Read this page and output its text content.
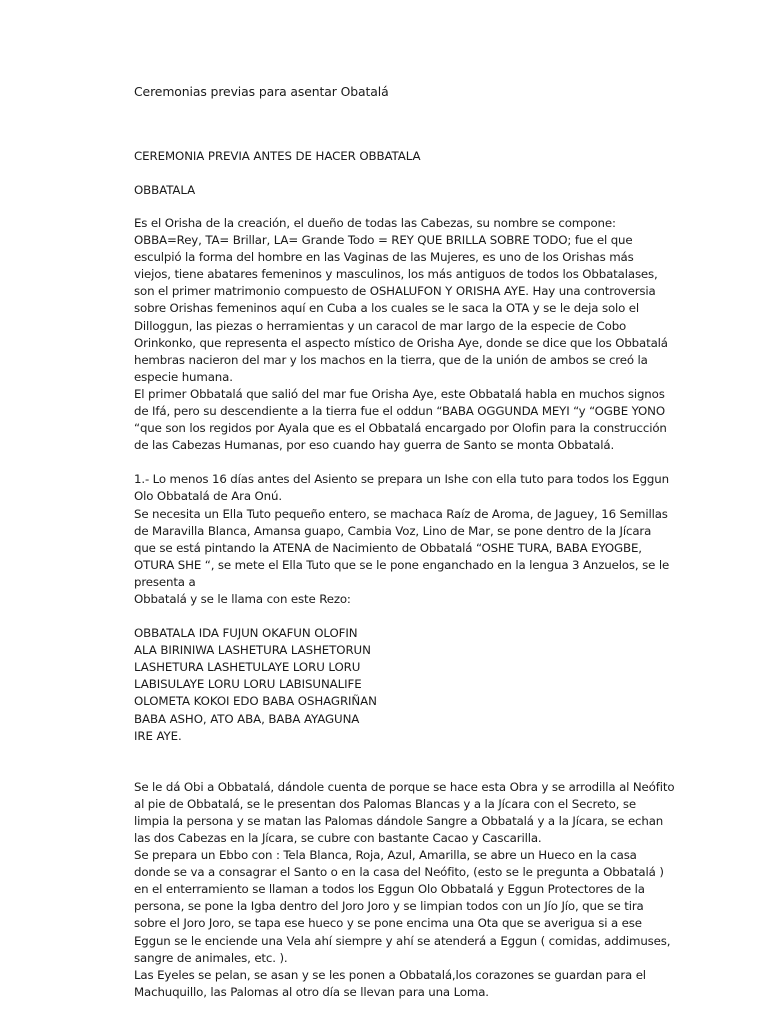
Ceremonias previas para asentar Obatalá

CEREMONIA PREVIA ANTES DE HACER OBBATALA

OBBATALA

Es el Orisha de la creación, el dueño de todas las Cabezas, su nombre se compone:
OBBA=Rey, TA= Brillar, LA= Grande Todo = REY QUE BRILLA SOBRE TODO; fue el que
esculpió la forma del hombre en las Vaginas de las Mujeres, es uno de los Orishas más
viejos, tiene abatares femeninos y masculinos, los más antiguos de todos los Obbatalases,
son el primer matrimonio compuesto de OSHALUFON Y ORISHA AYE. Hay una controversia
sobre Orishas femeninos aquí en Cuba a los cuales se le saca la OTA y se le deja solo el
Dilloggun, las piezas o herramientas y un caracol de mar largo de la especie de Cobo
Orinkonko, que representa el aspecto místico de Orisha Aye, donde se dice que los Obbatalá
hembras nacieron del mar y los machos en la tierra, que de la unión de ambos se creó la
especie humana.
El primer Obbatalá que salió del mar fue Orisha Aye, este Obbatalá habla en muchos signos
de Ifá, pero su descendiente a la tierra fue el oddun “BABA OGGUNDA MEYI “y “OGBE YONO
“que son los regidos por Ayala que es el Obbatalá encargado por Olofin para la construcción
de las Cabezas Humanas, por eso cuando hay guerra de Santo se monta Obbatalá.
1.- Lo menos 16 días antes del Asiento se prepara un Ishe con ella tuto para todos los Eggun
Olo Obbatalá de Ara Onú.
Se necesita un Ella Tuto pequeño entero, se machaca Raíz de Aroma, de Jaguey, 16 Semillas
de Maravilla Blanca, Amansa guapo, Cambia Voz, Lino de Mar, se pone dentro de la Jícara
que se está pintando la ATENA de Nacimiento de Obbatalá “OSHE TURA, BABA EYOGBE,
OTURA SHE “, se mete el Ella Tuto que se le pone enganchado en la lengua 3 Anzuelos, se le
presenta a
Obbatalá y se le llama con este Rezo:
OBBATALA IDA FUJUN OKAFUN OLOFIN
ALA BIRINIWA LASHETURA LASHETORUN
LASHETURA LASHETULAYE LORU LORU
LABISULAYE LORU LORU LABISUNALIFE
OLOMETA KOKOI EDO BABA OSHAGRIÑAN
BABA ASHO, ATO ABA, BABA AYAGUNA
IRE AYE.
Se le dá Obi a Obbatalá, dándole cuenta de porque se hace esta Obra y se arrodilla al Neófito
al pie de Obbatalá, se le presentan dos Palomas Blancas y a la Jícara con el Secreto, se
limpia la persona y se matan las Palomas dándole Sangre a Obbatalá y a la Jícara, se echan
las dos Cabezas en la Jícara, se cubre con bastante Cacao y Cascarilla.
Se prepara un Ebbo con : Tela Blanca, Roja, Azul, Amarilla, se abre un Hueco en la casa
donde se va a consagrar el Santo o en la casa del Neófito, (esto se le pregunta a Obbatalá )
en el enterramiento se llaman a todos los Eggun Olo Obbatalá y Eggun Protectores de la
persona, se pone la Igba dentro del Joro Joro y se limpian todos con un Jío Jío, que se tira
sobre el Joro Joro, se tapa ese hueco y se pone encima una Ota que se averigua si a ese
Eggun se le enciende una Vela ahí siempre y ahí se atenderá a Eggun ( comidas, addimuses,
sangre de animales, etc. ).
Las Eyeles se pelan, se asan y se les ponen a Obbatalá,los corazones se guardan para el
Machuquillo, las Palomas al otro día se llevan para una Loma.
